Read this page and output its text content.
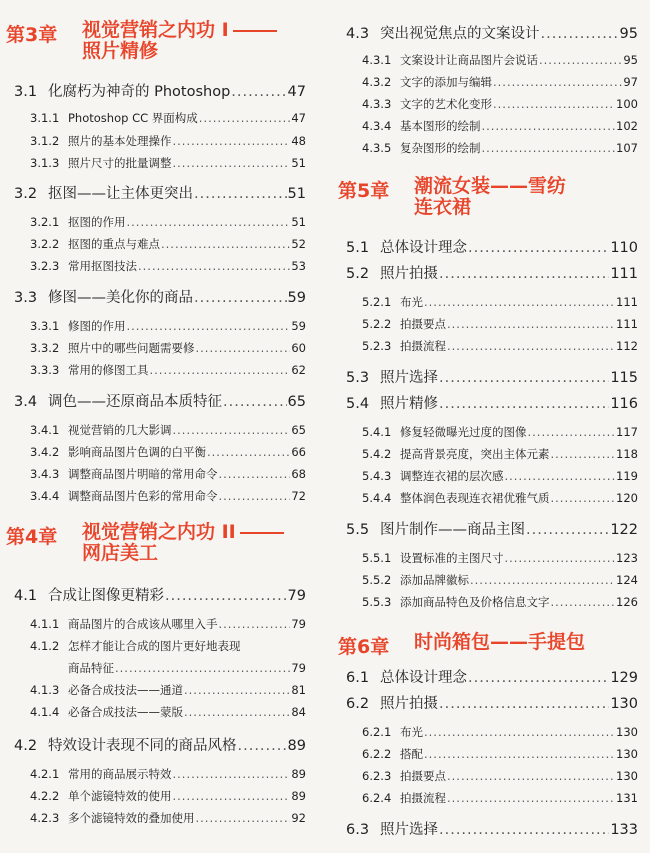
第3章 视觉营销之内功 I
照片精修
3.1 化腐朽为神奇的 Photoshop .....	47
3.1.1 Photoshop CC 界面构成 .....	47
3.1.2 照片的基本处理操作 .....	48
3.1.3 照片尺寸的批量调整 .....	51
3.2 抠图——让主体更突出 .....	51
3.2.1 抠图的作用 .....	51
3.2.2 抠图的重点与难点 .....	52
3.2.3 常用抠图技法 .....	53
3.3 修图——美化你的商品 .....	59
3.3.1 修图的作用 .....	59
3.3.2 照片中的哪些问题需要修 .....	60
3.3.3 常用的修图工具 .....	62
3.4 调色——还原商品本质特征 .....	65
3.4.1 视觉营销的几大影调 .....	65
3.4.2 影响商品图片色调的白平衡 .....	66
3.4.3 调整商品图片明暗的常用命令 .....	68
3.4.4 调整商品图片色彩的常用命令 .....	72
第4章 视觉营销之内功 II
网店美工
4.1 合成让图像更精彩 .....	79
4.1.1 商品图片的合成该从哪里入手 .....	79
4.1.2 怎样才能让合成的图片更好地表现
商品特征 .....	79
4.1.3 必备合成技法——通道 .....	81
4.1.4 必备合成技法——蒙版 .....	84
4.2 特效设计表现不同的商品风格 .....	89
4.2.1 常用的商品展示特效 .....	89
4.2.2 单个滤镜特效的使用 .....	89
4.2.3 多个滤镜特效的叠加使用 .....	92
4.3 突出视觉焦点的文案设计 .....	95
4.3.1 文案设计让商品图片会说话 .....	95
4.3.2 文字的添加与编辑 .....	97
4.3.3 文字的艺术化变形 .....	100
4.3.4 基本图形的绘制 .....	102
4.3.5 复杂图形的绘制 .....	107
第5章 潮流女装——雪纺
连衣裙
5.1 总体设计理念 .....	110
5.2 照片拍摄 .....	111
5.2.1 布光 .....	111
5.2.2 拍摄要点 .....	111
5.2.3 拍摄流程 .....	112
5.3 照片选择 .....	115
5.4 照片精修 .....	116
5.4.1 修复轻微曝光过度的图像 .....	117
5.4.2 提高背景亮度，突出主体元素 .....	118
5.4.3 调整连衣裙的层次感 .....	119
5.4.4 整体润色表现连衣裙优雅气质 .....	120
5.5 图片制作——商品主图 .....	122
5.5.1 设置标准的主图尺寸 .....	123
5.5.2 添加品牌徽标 .....	124
5.5.3 添加商品特色及价格信息文字 .....	126
第6章 时尚箱包——手提包
6.1 总体设计理念 .....	129
6.2 照片拍摄 .....	130
6.2.1 布光 .....	130
6.2.2 搭配 .....	130
6.2.3 拍摄要点 .....	130
6.2.4 拍摄流程 .....	131
6.3 照片选择 .....	133
